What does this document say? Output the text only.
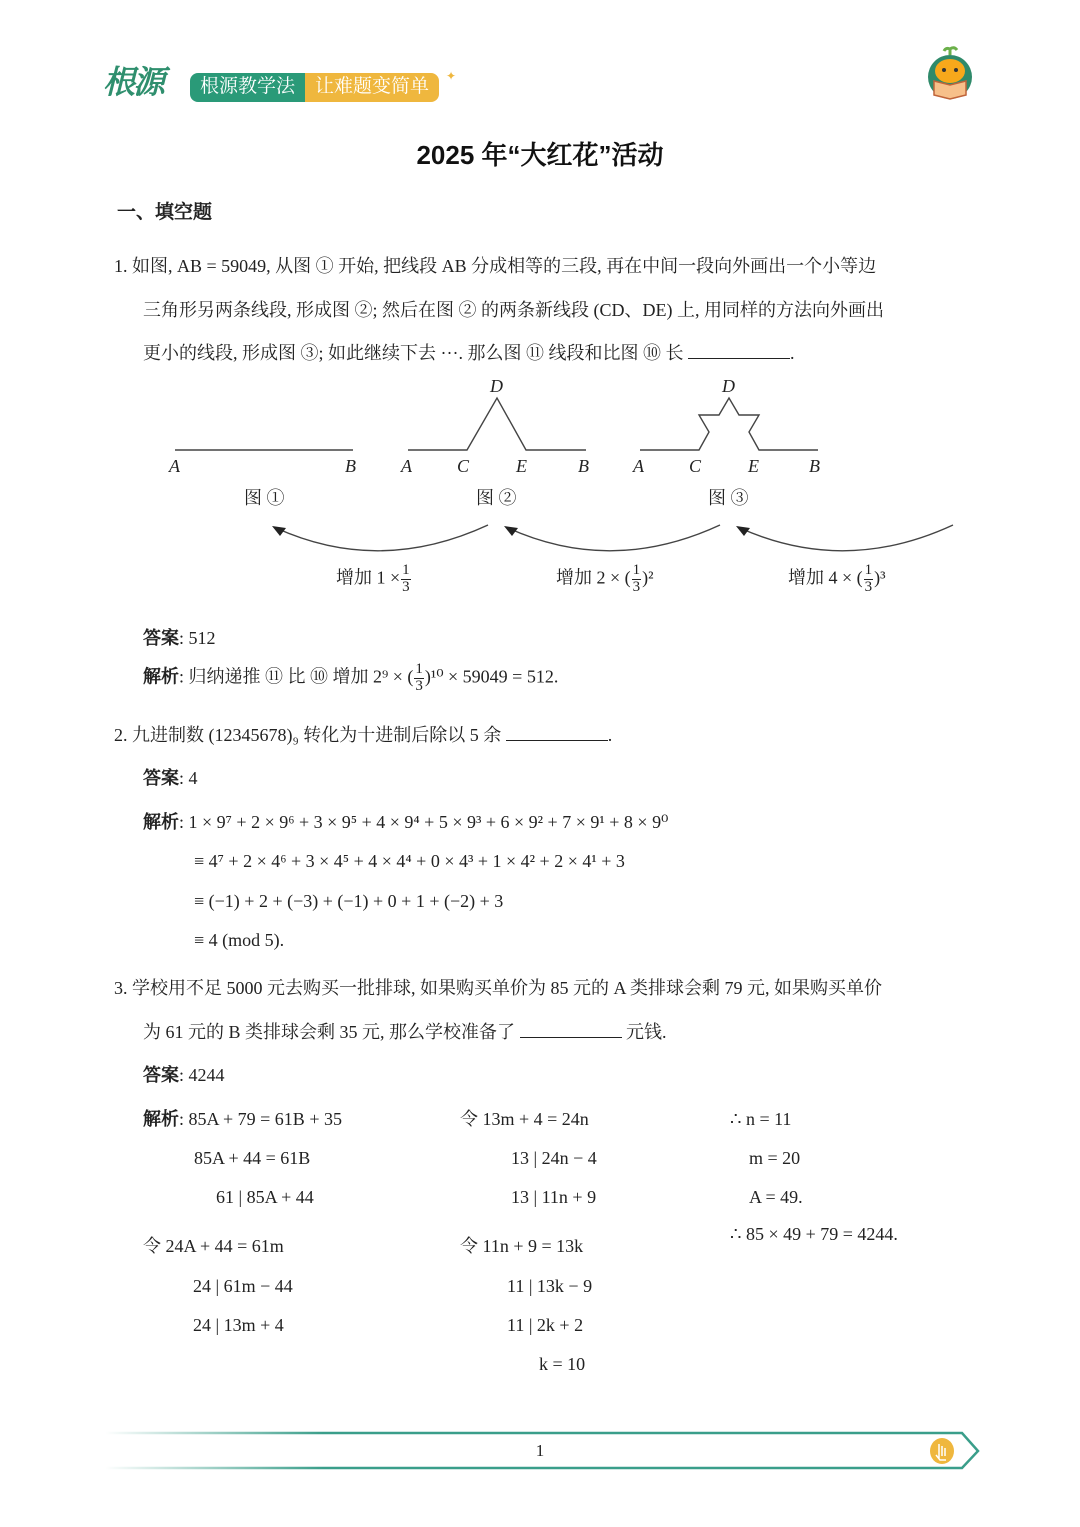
根源	根源教学法	让难题变简单	✦
2025 年“大红花”活动
一、填空题
1. 如图, AB = 59049, 从图 ① 开始, 把线段 AB 分成相等的三段, 再在中间一段向外画出一个小等边
三角形另两条线段, 形成图 ②; 然后在图 ② 的两条新线段 (CD、DE) 上, 用同样的方法向外画出
更小的线段, 形成图 ③; 如此继续下去 ···. 那么图 ⑪ 线段和比图 ⑩ 长	.
A	B	A	C
D
E	B A	C
D
E	B
图 ①	图 ②	图 ③
增加 $1 \times \frac{1}{3}$	增加 2 × ( $\frac{1}{3} )^2$	增加 4 × ( $\frac{1}{3} )^3$
答案: 512
解析: 归纳递推 ⑪ 比 ⑩ 增加 2⁹ × ( $\frac{1}{3} )^{10} \times 59049 = 512$.
2. 九进制数 (12345678)₉ 转化为十进制后除以 5 余	.
答案: 4
解析: 1 × 9⁷ + 2 × 9⁶ + 3 × 9⁵ + 4 × 9⁴ + 5 × 9³ + 6 × 9² + 7 × 9¹ + 8 × 9⁰
≡ 4⁷ + 2 × 4⁶ + 3 × 4⁵ + 4 × 4⁴ + 0 × 4³ + 1 × 4² + 2 × 4¹ + 3
≡ (−1) + 2 + (−3) + (−1) + 0 + 1 + (−2) + 3
≡ 4 (mod 5).
3. 学校用不足 5000 元去购买一批排球, 如果购买单价为 85 元的 A 类排球会剩 79 元, 如果购买单价
为 61 元的 B 类排球会剩 35 元, 那么学校准备了	元钱.
答案: 4244
解析: 85A + 79 = 61B + 35
85A + 44 = 61B
61 | 85A + 44
令 24A + 44 = 61m
24 | 61m − 44
24 | 13m + 4
令 13m + 4 = 24n
13 | 24n − 4
13 | 11n + 9
令 11n + 9 = 13k
11 | 13k − 9
11 | 2k + 2
k = 10
∴ n = 11
m = 20
A = 49.
∴ 85 × 49 + 79 = 4244.
1
